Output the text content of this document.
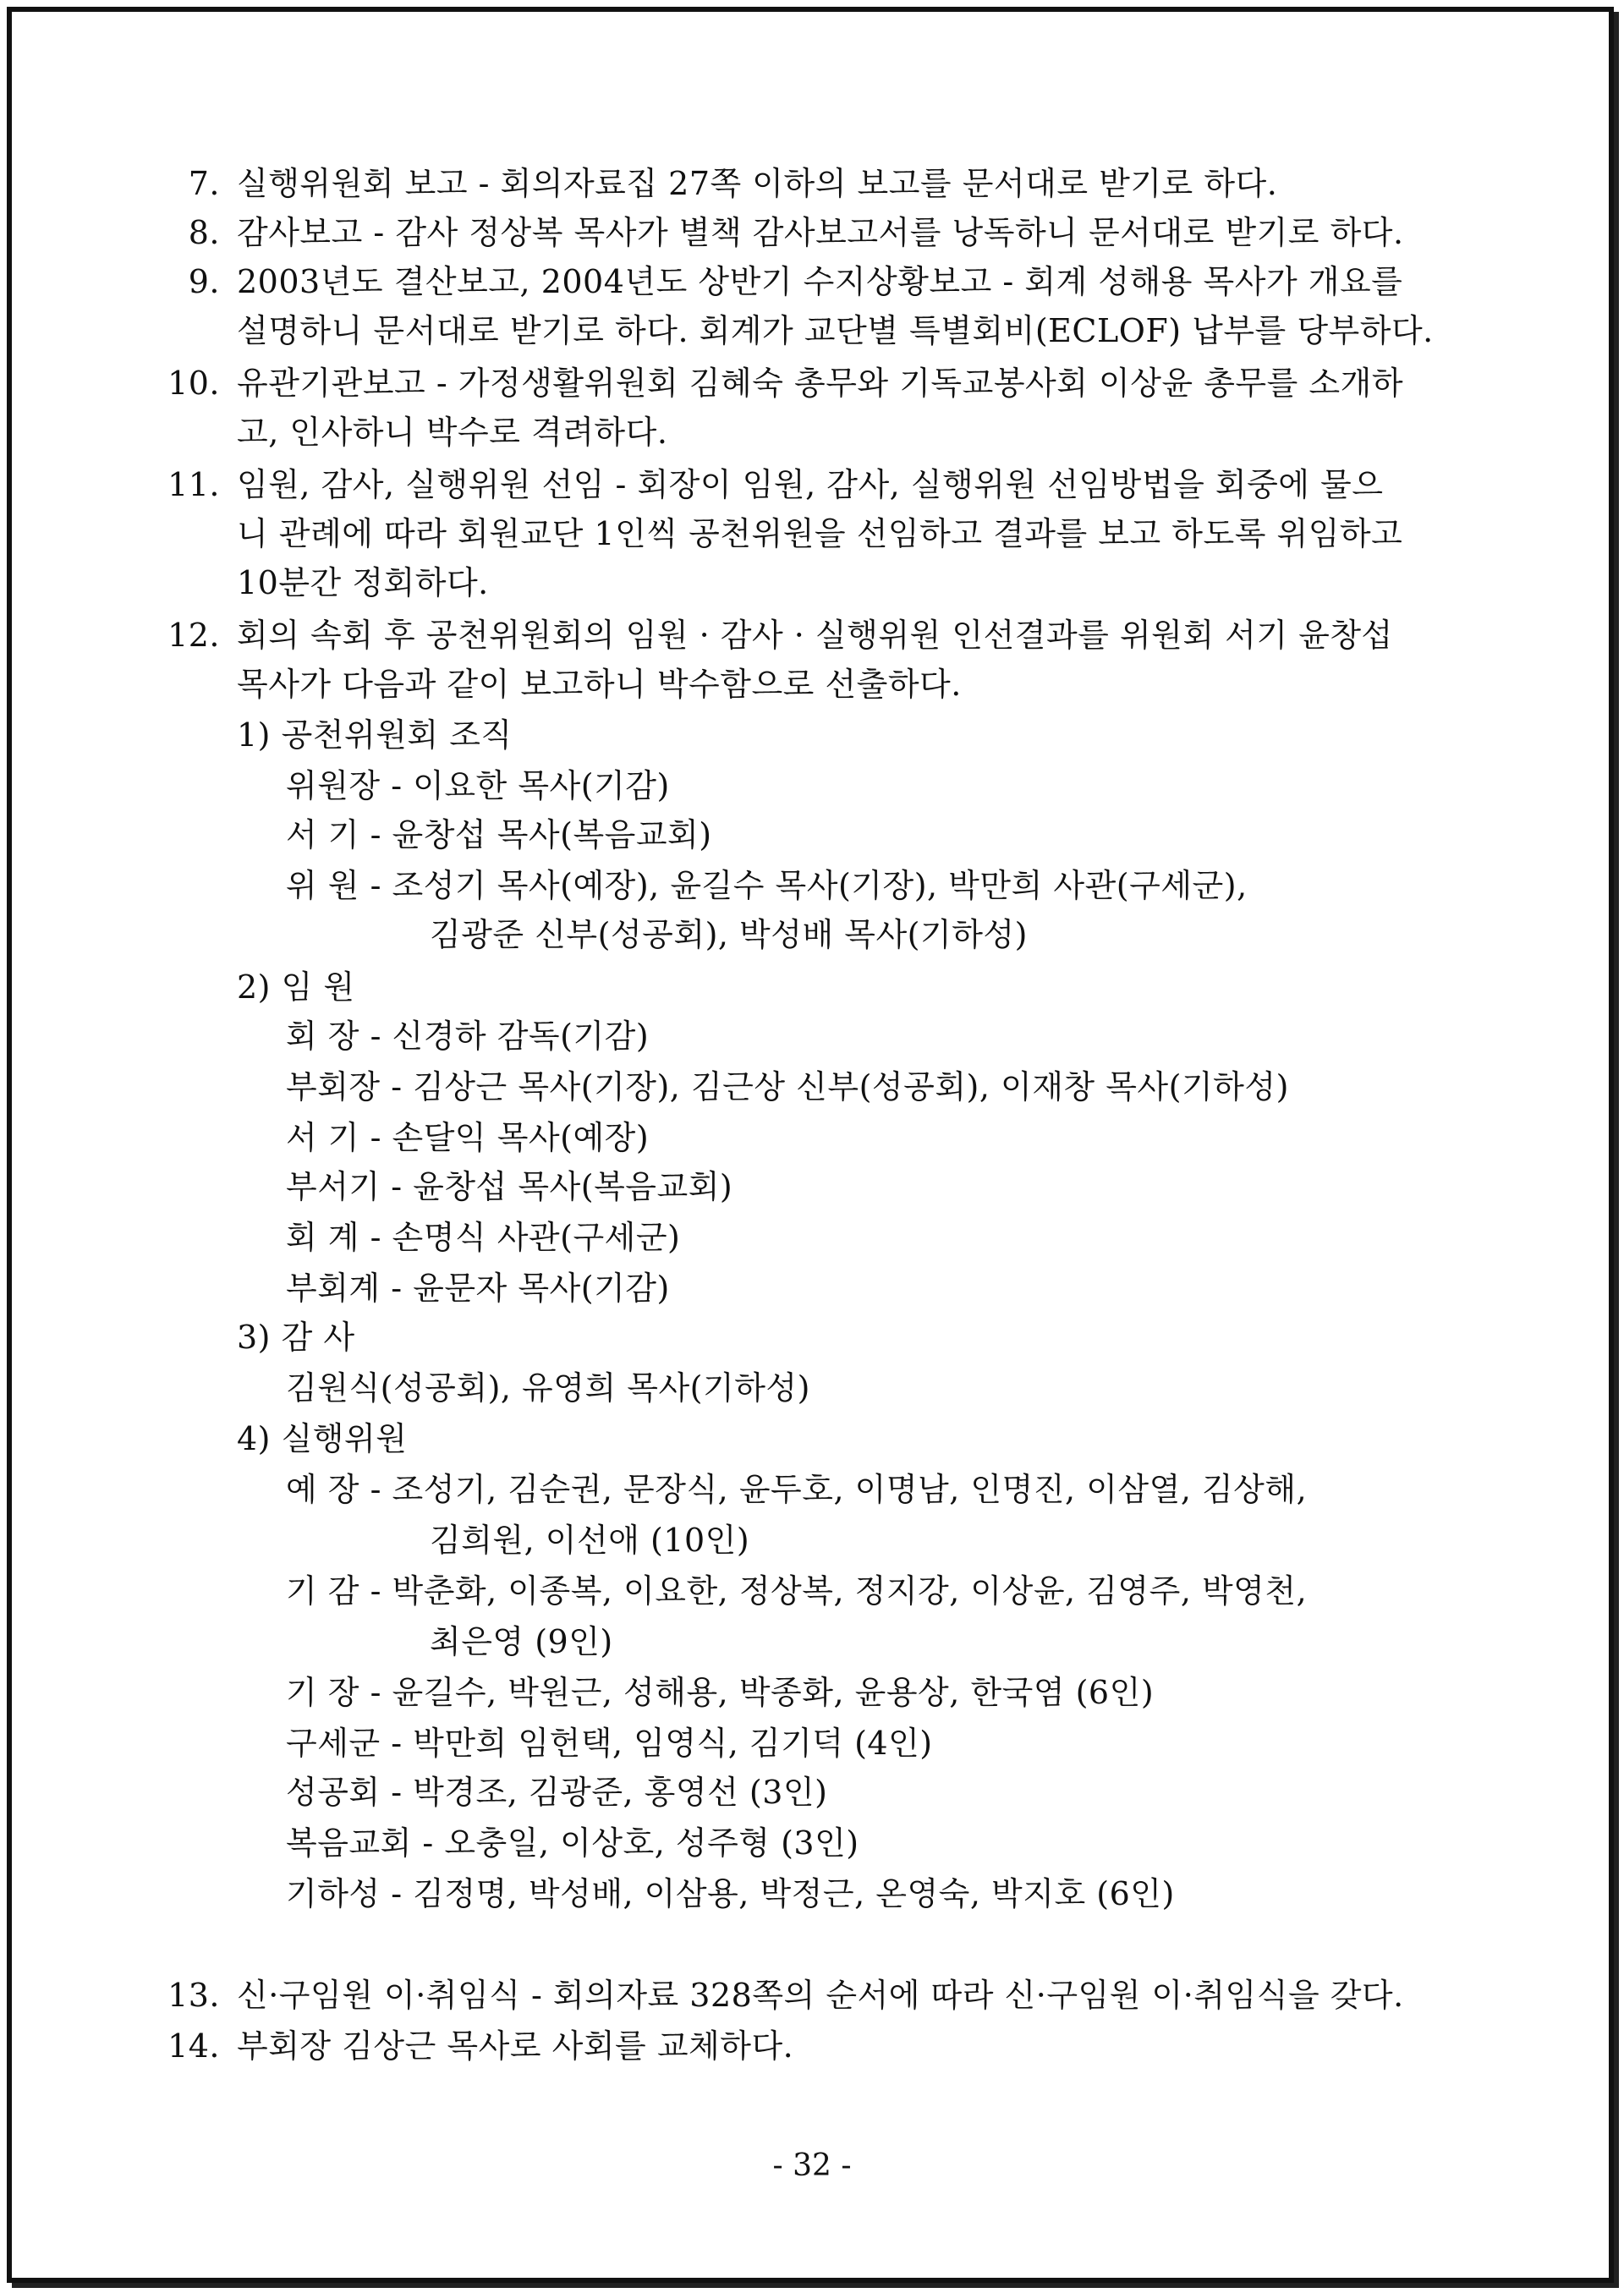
7. 실행위원회 보고 - 회의자료집 27쪽 이하의 보고를 문서대로 받기로 하다.
8. 감사보고 - 감사 정상복 목사가 별책 감사보고서를 낭독하니 문서대로 받기로 하다.
9. 2003년도 결산보고, 2004년도 상반기 수지상황보고 - 회계 성해용 목사가 개요를
설명하니 문서대로 받기로 하다. 회계가 교단별 특별회비(ECLOF) 납부를 당부하다.
10. 유관기관보고 - 가정생활위원회 김혜숙 총무와 기독교봉사회 이상윤 총무를 소개하
고, 인사하니 박수로 격려하다.
11. 임원, 감사, 실행위원 선임 - 회장이 임원, 감사, 실행위원 선임방법을 회중에 물으
니 관례에 따라 회원교단 1인씩 공천위원을 선임하고 결과를 보고 하도록 위임하고
10분간 정회하다.
12. 회의 속회 후 공천위원회의 임원 · 감사 · 실행위원 인선결과를 위원회 서기 윤창섭
목사가 다음과 같이 보고하니 박수함으로 선출하다.
1) 공천위원회 조직
위원장 - 이요한 목사(기감)
서 기 - 윤창섭 목사(복음교회)
위 원 - 조성기 목사(예장), 윤길수 목사(기장), 박만희 사관(구세군),
김광준 신부(성공회), 박성배 목사(기하성)
2) 임 원
회 장 - 신경하 감독(기감)
부회장 - 김상근 목사(기장), 김근상 신부(성공회), 이재창 목사(기하성)
서 기 - 손달익 목사(예장)
부서기 - 윤창섭 목사(복음교회)
회 계 - 손명식 사관(구세군)
부회계 - 윤문자 목사(기감)
3) 감 사
김원식(성공회), 유영희 목사(기하성)
4) 실행위원
예 장 - 조성기, 김순권, 문장식, 윤두호, 이명남, 인명진, 이삼열, 김상해,
김희원, 이선애 (10인)
기 감 - 박춘화, 이종복, 이요한, 정상복, 정지강, 이상윤, 김영주, 박영천,
최은영 (9인)
기 장 - 윤길수, 박원근, 성해용, 박종화, 윤용상, 한국염 (6인)
구세군 - 박만희 임헌택, 임영식, 김기덕 (4인)
성공회 - 박경조, 김광준, 홍영선 (3인)
복음교회 - 오충일, 이상호, 성주형 (3인)
기하성 - 김정명, 박성배, 이삼용, 박정근, 온영숙, 박지호 (6인)
13. 신·구임원 이·취임식 - 회의자료 328쪽의 순서에 따라 신·구임원 이·취임식을 갖다.
14. 부회장 김상근 목사로 사회를 교체하다.
- 32 -
